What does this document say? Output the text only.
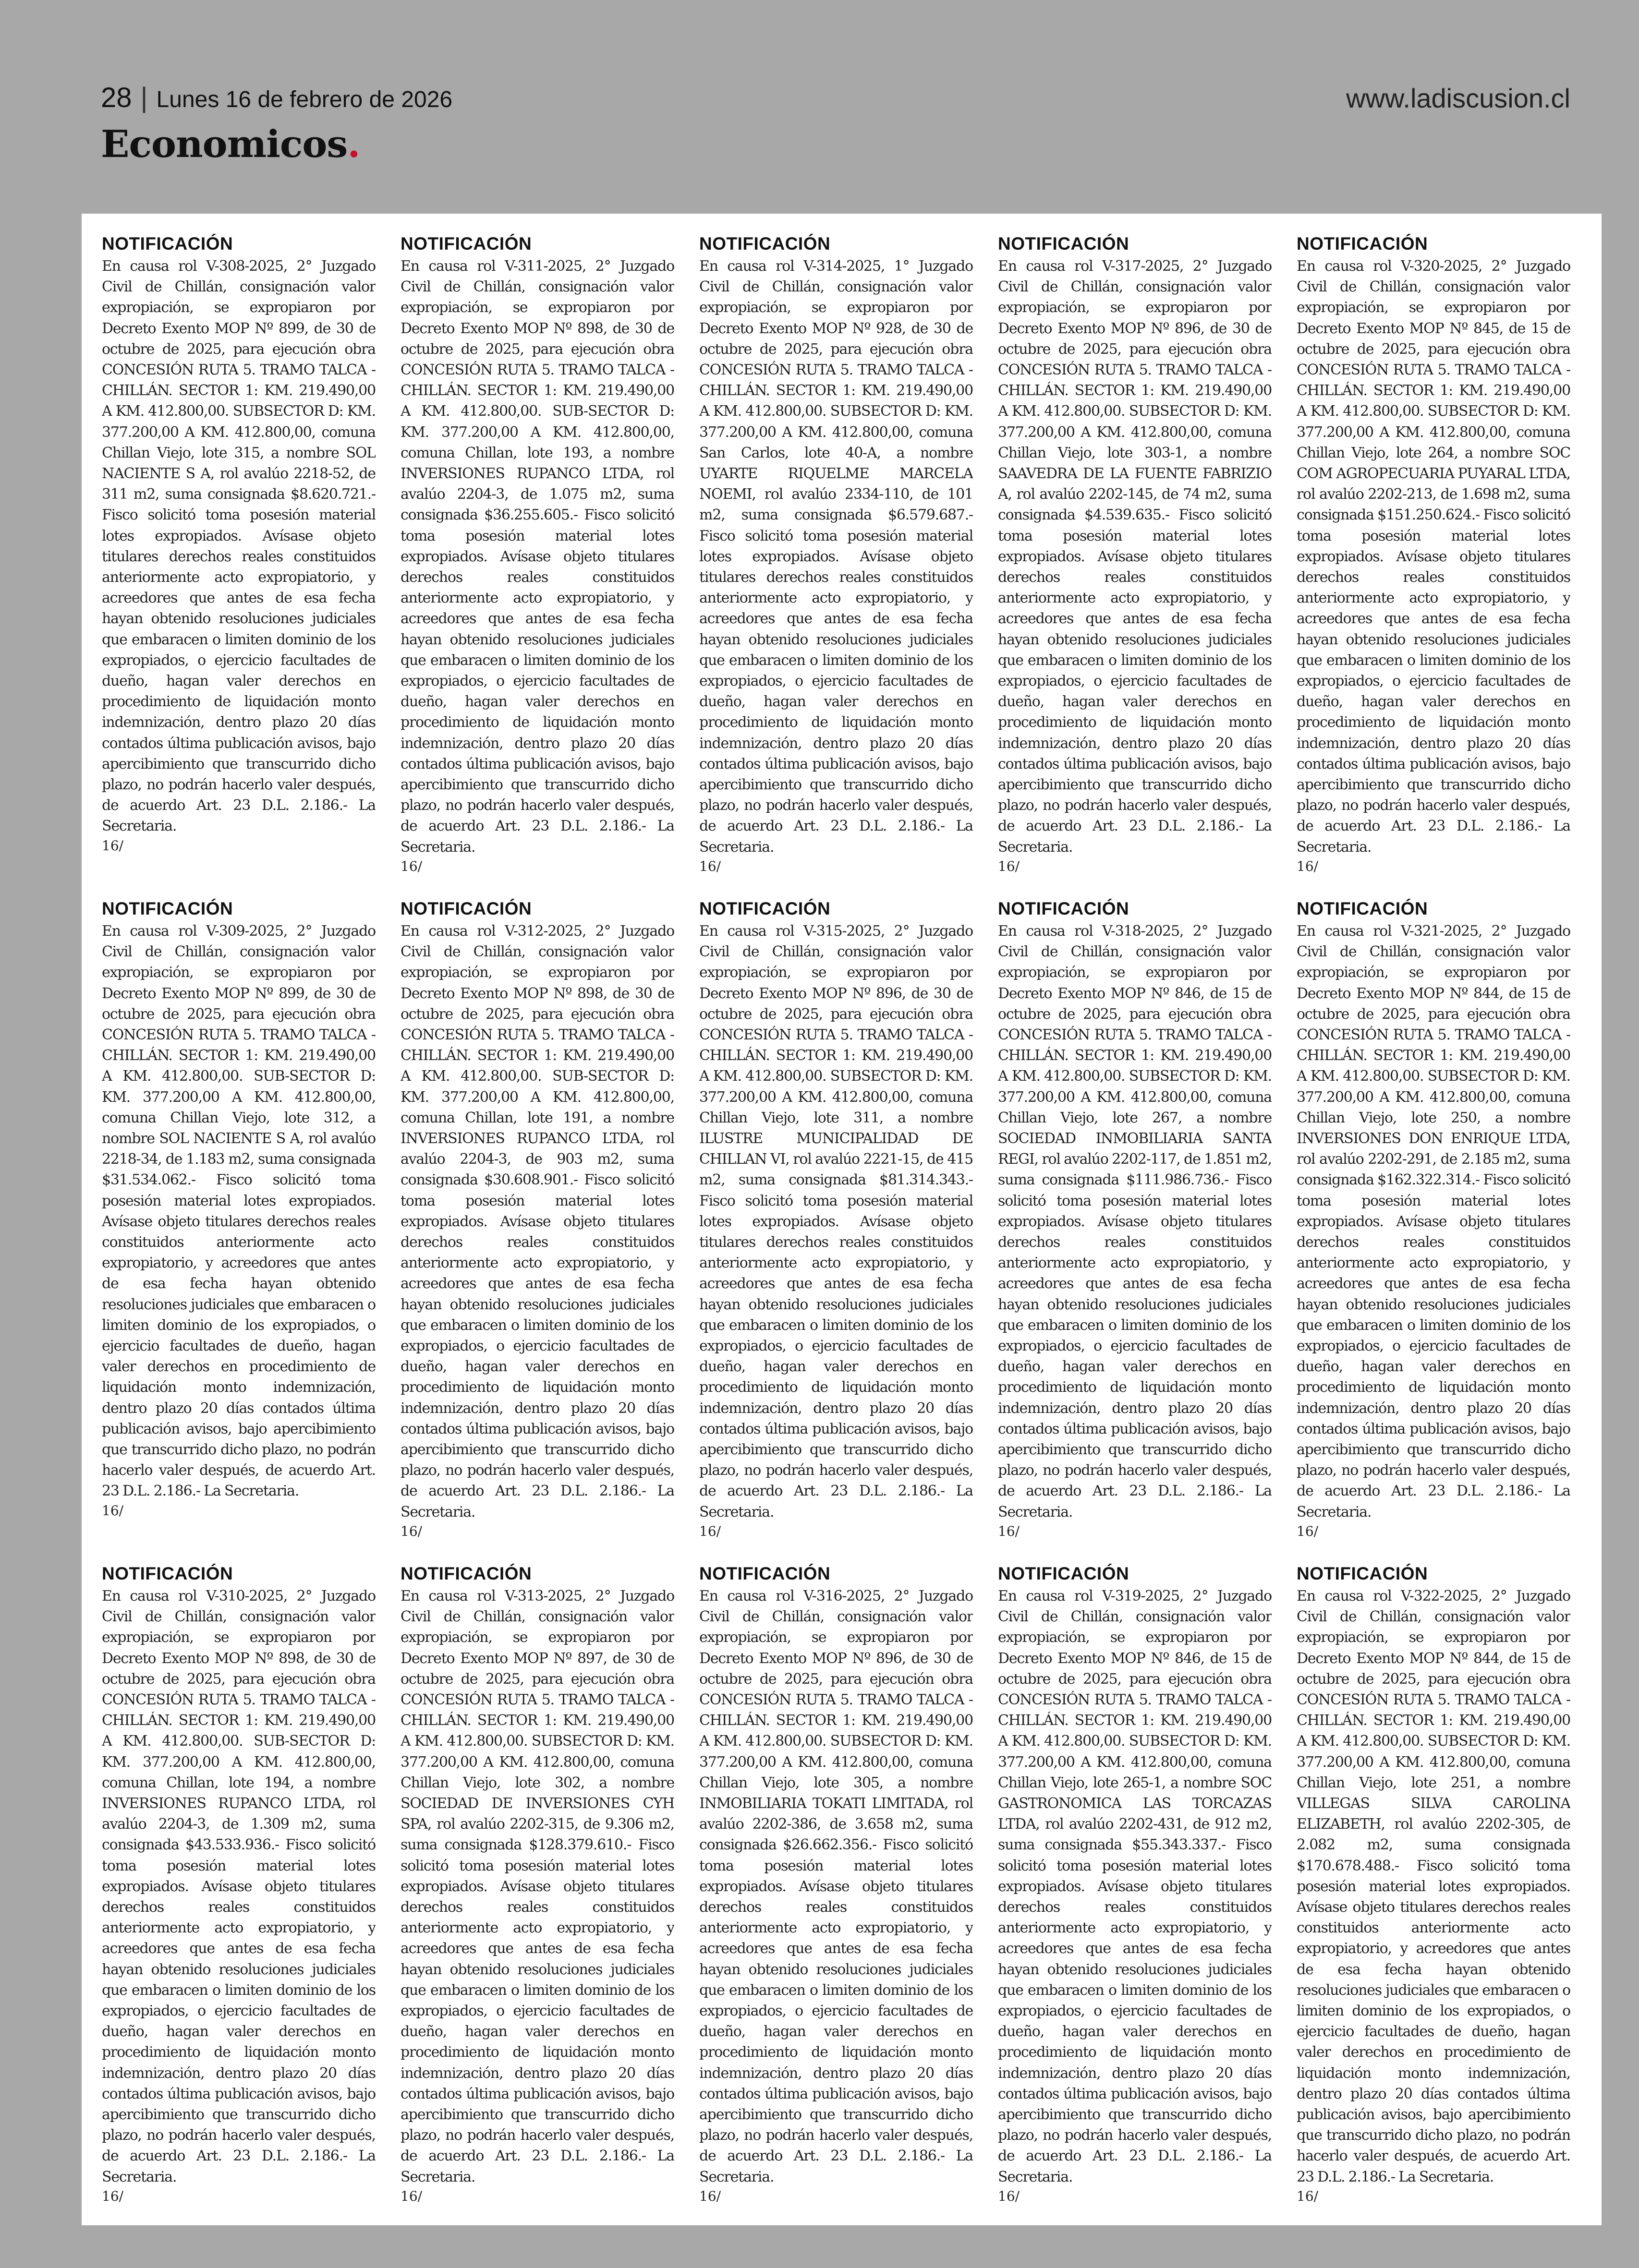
28 | Lunes 16 de febrero de 2026	www.ladiscusion.cl
Economicos.
NOTIFICACIÓN

En causa rol V-308-2025, 2° Juzgado Civil de Chillán, consignación valor expropiación, se expropiaron por Decreto Exento MOP Nº 899, de 30 de octubre de 2025, para ejecución obra CONCESIÓN RUTA 5. TRAMO TALCA - CHILLÁN. SECTOR 1: KM. 219.490,00 A KM. 412.800,00. SUBSECTOR D: KM. 377.200,00 A KM. 412.800,00, comuna Chillan Viejo, lote 315, a nombre SOL NACIENTE S A, rol avalúo 2218-52, de 311 m2, suma consignada $8.620.721.- Fisco solicitó toma posesión material lotes expropiados. Avísase objeto titulares derechos reales constituidos anteriormente acto expropiatorio, y acreedores que antes de esa fecha hayan obtenido resoluciones judiciales que embaracen o limiten dominio de los expropiados, o ejercicio facultades de dueño, hagan valer derechos en procedimiento de liquidación monto indemnización, dentro plazo 20 días contados última publicación avisos, bajo apercibimiento que transcurrido dicho plazo, no podrán hacerlo valer después, de acuerdo Art. 23 D.L. 2.186.- La Secretaria.

16/
NOTIFICACIÓN

En causa rol V-311-2025, 2° Juzgado Civil de Chillán, consignación valor expropiación, se expropiaron por Decreto Exento MOP Nº 898, de 30 de octubre de 2025, para ejecución obra CONCESIÓN RUTA 5. TRAMO TALCA - CHILLÁN. SECTOR 1: KM. 219.490,00 A KM. 412.800,00. SUB-SECTOR D: KM. 377.200,00 A KM. 412.800,00, comuna Chillan, lote 193, a nombre INVERSIONES RUPANCO LTDA, rol avalúo 2204-3, de 1.075 m2, suma consignada $36.255.605.- Fisco solicitó toma posesión material lotes expropiados. Avísase objeto titulares derechos reales constituidos anteriormente acto expropiatorio, y acreedores que antes de esa fecha hayan obtenido resoluciones judiciales que embaracen o limiten dominio de los expropiados, o ejercicio facultades de dueño, hagan valer derechos en procedimiento de liquidación monto indemnización, dentro plazo 20 días contados última publicación avisos, bajo apercibimiento que transcurrido dicho plazo, no podrán hacerlo valer después, de acuerdo Art. 23 D.L. 2.186.- La Secretaria.

16/
NOTIFICACIÓN

En causa rol V-314-2025, 1° Juzgado Civil de Chillán, consignación valor expropiación, se expropiaron por Decreto Exento MOP Nº 928, de 30 de octubre de 2025, para ejecución obra CONCESIÓN RUTA 5. TRAMO TALCA - CHILLÁN. SECTOR 1: KM. 219.490,00 A KM. 412.800,00. SUBSECTOR D: KM. 377.200,00 A KM. 412.800,00, comuna San Carlos, lote 40-A, a nombre UYARTE RIQUELME MARCELA NOEMI, rol avalúo 2334-110, de 101 m2, suma consignada $6.579.687.- Fisco solicitó toma posesión material lotes expropiados. Avísase objeto titulares derechos reales constituidos anteriormente acto expropiatorio, y acreedores que antes de esa fecha hayan obtenido resoluciones judiciales que embaracen o limiten dominio de los expropiados, o ejercicio facultades de dueño, hagan valer derechos en procedimiento de liquidación monto indemnización, dentro plazo 20 días contados última publicación avisos, bajo apercibimiento que transcurrido dicho plazo, no podrán hacerlo valer después, de acuerdo Art. 23 D.L. 2.186.- La Secretaria.

16/
NOTIFICACIÓN

En causa rol V-317-2025, 2° Juzgado Civil de Chillán, consignación valor expropiación, se expropiaron por Decreto Exento MOP Nº 896, de 30 de octubre de 2025, para ejecución obra CONCESIÓN RUTA 5. TRAMO TALCA - CHILLÁN. SECTOR 1: KM. 219.490,00 A KM. 412.800,00. SUBSECTOR D: KM. 377.200,00 A KM. 412.800,00, comuna Chillan Viejo, lote 303-1, a nombre SAAVEDRA DE LA FUENTE FABRIZIO A, rol avalúo 2202-145, de 74 m2, suma consignada $4.539.635.- Fisco solicitó toma posesión material lotes expropiados. Avísase objeto titulares derechos reales constituidos anteriormente acto expropiatorio, y acreedores que antes de esa fecha hayan obtenido resoluciones judiciales que embaracen o limiten dominio de los expropiados, o ejercicio facultades de dueño, hagan valer derechos en procedimiento de liquidación monto indemnización, dentro plazo 20 días contados última publicación avisos, bajo apercibimiento que transcurrido dicho plazo, no podrán hacerlo valer después, de acuerdo Art. 23 D.L. 2.186.- La Secretaria.

16/
NOTIFICACIÓN

En causa rol V-320-2025, 2° Juzgado Civil de Chillán, consignación valor expropiación, se expropiaron por Decreto Exento MOP Nº 845, de 15 de octubre de 2025, para ejecución obra CONCESIÓN RUTA 5. TRAMO TALCA - CHILLÁN. SECTOR 1: KM. 219.490,00 A KM. 412.800,00. SUBSECTOR D: KM. 377.200,00 A KM. 412.800,00, comuna Chillan Viejo, lote 264, a nombre SOC COM AGROPECUARIA PUYARAL LTDA, rol avalúo 2202-213, de 1.698 m2, suma consignada $151.250.624.- Fisco solicitó toma posesión material lotes expropiados. Avísase objeto titulares derechos reales constituidos anteriormente acto expropiatorio, y acreedores que antes de esa fecha hayan obtenido resoluciones judiciales que embaracen o limiten dominio de los expropiados, o ejercicio facultades de dueño, hagan valer derechos en procedimiento de liquidación monto indemnización, dentro plazo 20 días contados última publicación avisos, bajo apercibimiento que transcurrido dicho plazo, no podrán hacerlo valer después, de acuerdo Art. 23 D.L. 2.186.- La Secretaria.

16/
NOTIFICACIÓN

En causa rol V-309-2025, 2° Juzgado Civil de Chillán, consignación valor expropiación, se expropiaron por Decreto Exento MOP Nº 899, de 30 de octubre de 2025, para ejecución obra CONCESIÓN RUTA 5. TRAMO TALCA - CHILLÁN. SECTOR 1: KM. 219.490,00 A KM. 412.800,00. SUB-SECTOR D: KM. 377.200,00 A KM. 412.800,00, comuna Chillan Viejo, lote 312, a nombre SOL NACIENTE S A, rol avalúo 2218-34, de 1.183 m2, suma consignada $31.534.062.- Fisco solicitó toma posesión material lotes expropiados. Avísase objeto titulares derechos reales constituidos anteriormente acto expropiatorio, y acreedores que antes de esa fecha hayan obtenido resoluciones judiciales que embaracen o limiten dominio de los expropiados, o ejercicio facultades de dueño, hagan valer derechos en procedimiento de liquidación monto indemnización, dentro plazo 20 días contados última publicación avisos, bajo apercibimiento que transcurrido dicho plazo, no podrán hacerlo valer después, de acuerdo Art. 23 D.L. 2.186.- La Secretaria.

16/
NOTIFICACIÓN

En causa rol V-312-2025, 2° Juzgado Civil de Chillán, consignación valor expropiación, se expropiaron por Decreto Exento MOP Nº 898, de 30 de octubre de 2025, para ejecución obra CONCESIÓN RUTA 5. TRAMO TALCA - CHILLÁN. SECTOR 1: KM. 219.490,00 A KM. 412.800,00. SUB-SECTOR D: KM. 377.200,00 A KM. 412.800,00, comuna Chillan, lote 191, a nombre INVERSIONES RUPANCO LTDA, rol avalúo 2204-3, de 903 m2, suma consignada $30.608.901.- Fisco solicitó toma posesión material lotes expropiados. Avísase objeto titulares derechos reales constituidos anteriormente acto expropiatorio, y acreedores que antes de esa fecha hayan obtenido resoluciones judiciales que embaracen o limiten dominio de los expropiados, o ejercicio facultades de dueño, hagan valer derechos en procedimiento de liquidación monto indemnización, dentro plazo 20 días contados última publicación avisos, bajo apercibimiento que transcurrido dicho plazo, no podrán hacerlo valer después, de acuerdo Art. 23 D.L. 2.186.- La Secretaria.

16/
NOTIFICACIÓN

En causa rol V-315-2025, 2° Juzgado Civil de Chillán, consignación valor expropiación, se expropiaron por Decreto Exento MOP Nº 896, de 30 de octubre de 2025, para ejecución obra CONCESIÓN RUTA 5. TRAMO TALCA - CHILLÁN. SECTOR 1: KM. 219.490,00 A KM. 412.800,00. SUBSECTOR D: KM. 377.200,00 A KM. 412.800,00, comuna Chillan Viejo, lote 311, a nombre ILUSTRE MUNICIPALIDAD DE CHILLAN VI, rol avalúo 2221-15, de 415 m2, suma consignada $81.314.343.- Fisco solicitó toma posesión material lotes expropiados. Avísase objeto titulares derechos reales constituidos anteriormente acto expropiatorio, y acreedores que antes de esa fecha hayan obtenido resoluciones judiciales que embaracen o limiten dominio de los expropiados, o ejercicio facultades de dueño, hagan valer derechos en procedimiento de liquidación monto indemnización, dentro plazo 20 días contados última publicación avisos, bajo apercibimiento que transcurrido dicho plazo, no podrán hacerlo valer después, de acuerdo Art. 23 D.L. 2.186.- La Secretaria.

16/
NOTIFICACIÓN

En causa rol V-318-2025, 2° Juzgado Civil de Chillán, consignación valor expropiación, se expropiaron por Decreto Exento MOP Nº 846, de 15 de octubre de 2025, para ejecución obra CONCESIÓN RUTA 5. TRAMO TALCA - CHILLÁN. SECTOR 1: KM. 219.490,00 A KM. 412.800,00. SUBSECTOR D: KM. 377.200,00 A KM. 412.800,00, comuna Chillan Viejo, lote 267, a nombre SOCIEDAD INMOBILIARIA SANTA REGI, rol avalúo 2202-117, de 1.851 m2, suma consignada $111.986.736.- Fisco solicitó toma posesión material lotes expropiados. Avísase objeto titulares derechos reales constituidos anteriormente acto expropiatorio, y acreedores que antes de esa fecha hayan obtenido resoluciones judiciales que embaracen o limiten dominio de los expropiados, o ejercicio facultades de dueño, hagan valer derechos en procedimiento de liquidación monto indemnización, dentro plazo 20 días contados última publicación avisos, bajo apercibimiento que transcurrido dicho plazo, no podrán hacerlo valer después, de acuerdo Art. 23 D.L. 2.186.- La Secretaria.

16/
NOTIFICACIÓN

En causa rol V-321-2025, 2° Juzgado Civil de Chillán, consignación valor expropiación, se expropiaron por Decreto Exento MOP Nº 844, de 15 de octubre de 2025, para ejecución obra CONCESIÓN RUTA 5. TRAMO TALCA - CHILLÁN. SECTOR 1: KM. 219.490,00 A KM. 412.800,00. SUBSECTOR D: KM. 377.200,00 A KM. 412.800,00, comuna Chillan Viejo, lote 250, a nombre INVERSIONES DON ENRIQUE LTDA, rol avalúo 2202-291, de 2.185 m2, suma consignada $162.322.314.- Fisco solicitó toma posesión material lotes expropiados. Avísase objeto titulares derechos reales constituidos anteriormente acto expropiatorio, y acreedores que antes de esa fecha hayan obtenido resoluciones judiciales que embaracen o limiten dominio de los expropiados, o ejercicio facultades de dueño, hagan valer derechos en procedimiento de liquidación monto indemnización, dentro plazo 20 días contados última publicación avisos, bajo apercibimiento que transcurrido dicho plazo, no podrán hacerlo valer después, de acuerdo Art. 23 D.L. 2.186.- La Secretaria.

16/
NOTIFICACIÓN

En causa rol V-310-2025, 2° Juzgado Civil de Chillán, consignación valor expropiación, se expropiaron por Decreto Exento MOP Nº 898, de 30 de octubre de 2025, para ejecución obra CONCESIÓN RUTA 5. TRAMO TALCA - CHILLÁN. SECTOR 1: KM. 219.490,00 A KM. 412.800,00. SUB-SECTOR D: KM. 377.200,00 A KM. 412.800,00, comuna Chillan, lote 194, a nombre INVERSIONES RUPANCO LTDA, rol avalúo 2204-3, de 1.309 m2, suma consignada $43.533.936.- Fisco solicitó toma posesión material lotes expropiados. Avísase objeto titulares derechos reales constituidos anteriormente acto expropiatorio, y acreedores que antes de esa fecha hayan obtenido resoluciones judiciales que embaracen o limiten dominio de los expropiados, o ejercicio facultades de dueño, hagan valer derechos en procedimiento de liquidación monto indemnización, dentro plazo 20 días contados última publicación avisos, bajo apercibimiento que transcurrido dicho plazo, no podrán hacerlo valer después, de acuerdo Art. 23 D.L. 2.186.- La Secretaria.

16/
NOTIFICACIÓN

En causa rol V-313-2025, 2° Juzgado Civil de Chillán, consignación valor expropiación, se expropiaron por Decreto Exento MOP Nº 897, de 30 de octubre de 2025, para ejecución obra CONCESIÓN RUTA 5. TRAMO TALCA - CHILLÁN. SECTOR 1: KM. 219.490,00 A KM. 412.800,00. SUBSECTOR D: KM. 377.200,00 A KM. 412.800,00, comuna Chillan Viejo, lote 302, a nombre SOCIEDAD DE INVERSIONES CYH SPA, rol avalúo 2202-315, de 9.306 m2, suma consignada $128.379.610.- Fisco solicitó toma posesión material lotes expropiados. Avísase objeto titulares derechos reales constituidos anteriormente acto expropiatorio, y acreedores que antes de esa fecha hayan obtenido resoluciones judiciales que embaracen o limiten dominio de los expropiados, o ejercicio facultades de dueño, hagan valer derechos en procedimiento de liquidación monto indemnización, dentro plazo 20 días contados última publicación avisos, bajo apercibimiento que transcurrido dicho plazo, no podrán hacerlo valer después, de acuerdo Art. 23 D.L. 2.186.- La Secretaria.

16/
NOTIFICACIÓN

En causa rol V-316-2025, 2° Juzgado Civil de Chillán, consignación valor expropiación, se expropiaron por Decreto Exento MOP Nº 896, de 30 de octubre de 2025, para ejecución obra CONCESIÓN RUTA 5. TRAMO TALCA - CHILLÁN. SECTOR 1: KM. 219.490,00 A KM. 412.800,00. SUBSECTOR D: KM. 377.200,00 A KM. 412.800,00, comuna Chillan Viejo, lote 305, a nombre INMOBILIARIA TOKATI LIMITADA, rol avalúo 2202-386, de 3.658 m2, suma consignada $26.662.356.- Fisco solicitó toma posesión material lotes expropiados. Avísase objeto titulares derechos reales constituidos anteriormente acto expropiatorio, y acreedores que antes de esa fecha hayan obtenido resoluciones judiciales que embaracen o limiten dominio de los expropiados, o ejercicio facultades de dueño, hagan valer derechos en procedimiento de liquidación monto indemnización, dentro plazo 20 días contados última publicación avisos, bajo apercibimiento que transcurrido dicho plazo, no podrán hacerlo valer después, de acuerdo Art. 23 D.L. 2.186.- La Secretaria.

16/
NOTIFICACIÓN

En causa rol V-319-2025, 2° Juzgado Civil de Chillán, consignación valor expropiación, se expropiaron por Decreto Exento MOP Nº 846, de 15 de octubre de 2025, para ejecución obra CONCESIÓN RUTA 5. TRAMO TALCA - CHILLÁN. SECTOR 1: KM. 219.490,00 A KM. 412.800,00. SUBSECTOR D: KM. 377.200,00 A KM. 412.800,00, comuna Chillan Viejo, lote 265-1, a nombre SOC GASTRONOMICA LAS TORCAZAS LTDA, rol avalúo 2202-431, de 912 m2, suma consignada $55.343.337.- Fisco solicitó toma posesión material lotes expropiados. Avísase objeto titulares derechos reales constituidos anteriormente acto expropiatorio, y acreedores que antes de esa fecha hayan obtenido resoluciones judiciales que embaracen o limiten dominio de los expropiados, o ejercicio facultades de dueño, hagan valer derechos en procedimiento de liquidación monto indemnización, dentro plazo 20 días contados última publicación avisos, bajo apercibimiento que transcurrido dicho plazo, no podrán hacerlo valer después, de acuerdo Art. 23 D.L. 2.186.- La Secretaria.

16/
NOTIFICACIÓN

En causa rol V-322-2025, 2° Juzgado Civil de Chillán, consignación valor expropiación, se expropiaron por Decreto Exento MOP Nº 844, de 15 de octubre de 2025, para ejecución obra CONCESIÓN RUTA 5. TRAMO TALCA - CHILLÁN. SECTOR 1: KM. 219.490,00 A KM. 412.800,00. SUBSECTOR D: KM. 377.200,00 A KM. 412.800,00, comuna Chillan Viejo, lote 251, a nombre VILLEGAS SILVA CAROLINA ELIZABETH, rol avalúo 2202-305, de 2.082 m2, suma consignada $170.678.488.- Fisco solicitó toma posesión material lotes expropiados. Avísase objeto titulares derechos reales constituidos anteriormente acto expropiatorio, y acreedores que antes de esa fecha hayan obtenido resoluciones judiciales que embaracen o limiten dominio de los expropiados, o ejercicio facultades de dueño, hagan valer derechos en procedimiento de liquidación monto indemnización, dentro plazo 20 días contados última publicación avisos, bajo apercibimiento que transcurrido dicho plazo, no podrán hacerlo valer después, de acuerdo Art. 23 D.L. 2.186.- La Secretaria.

16/
